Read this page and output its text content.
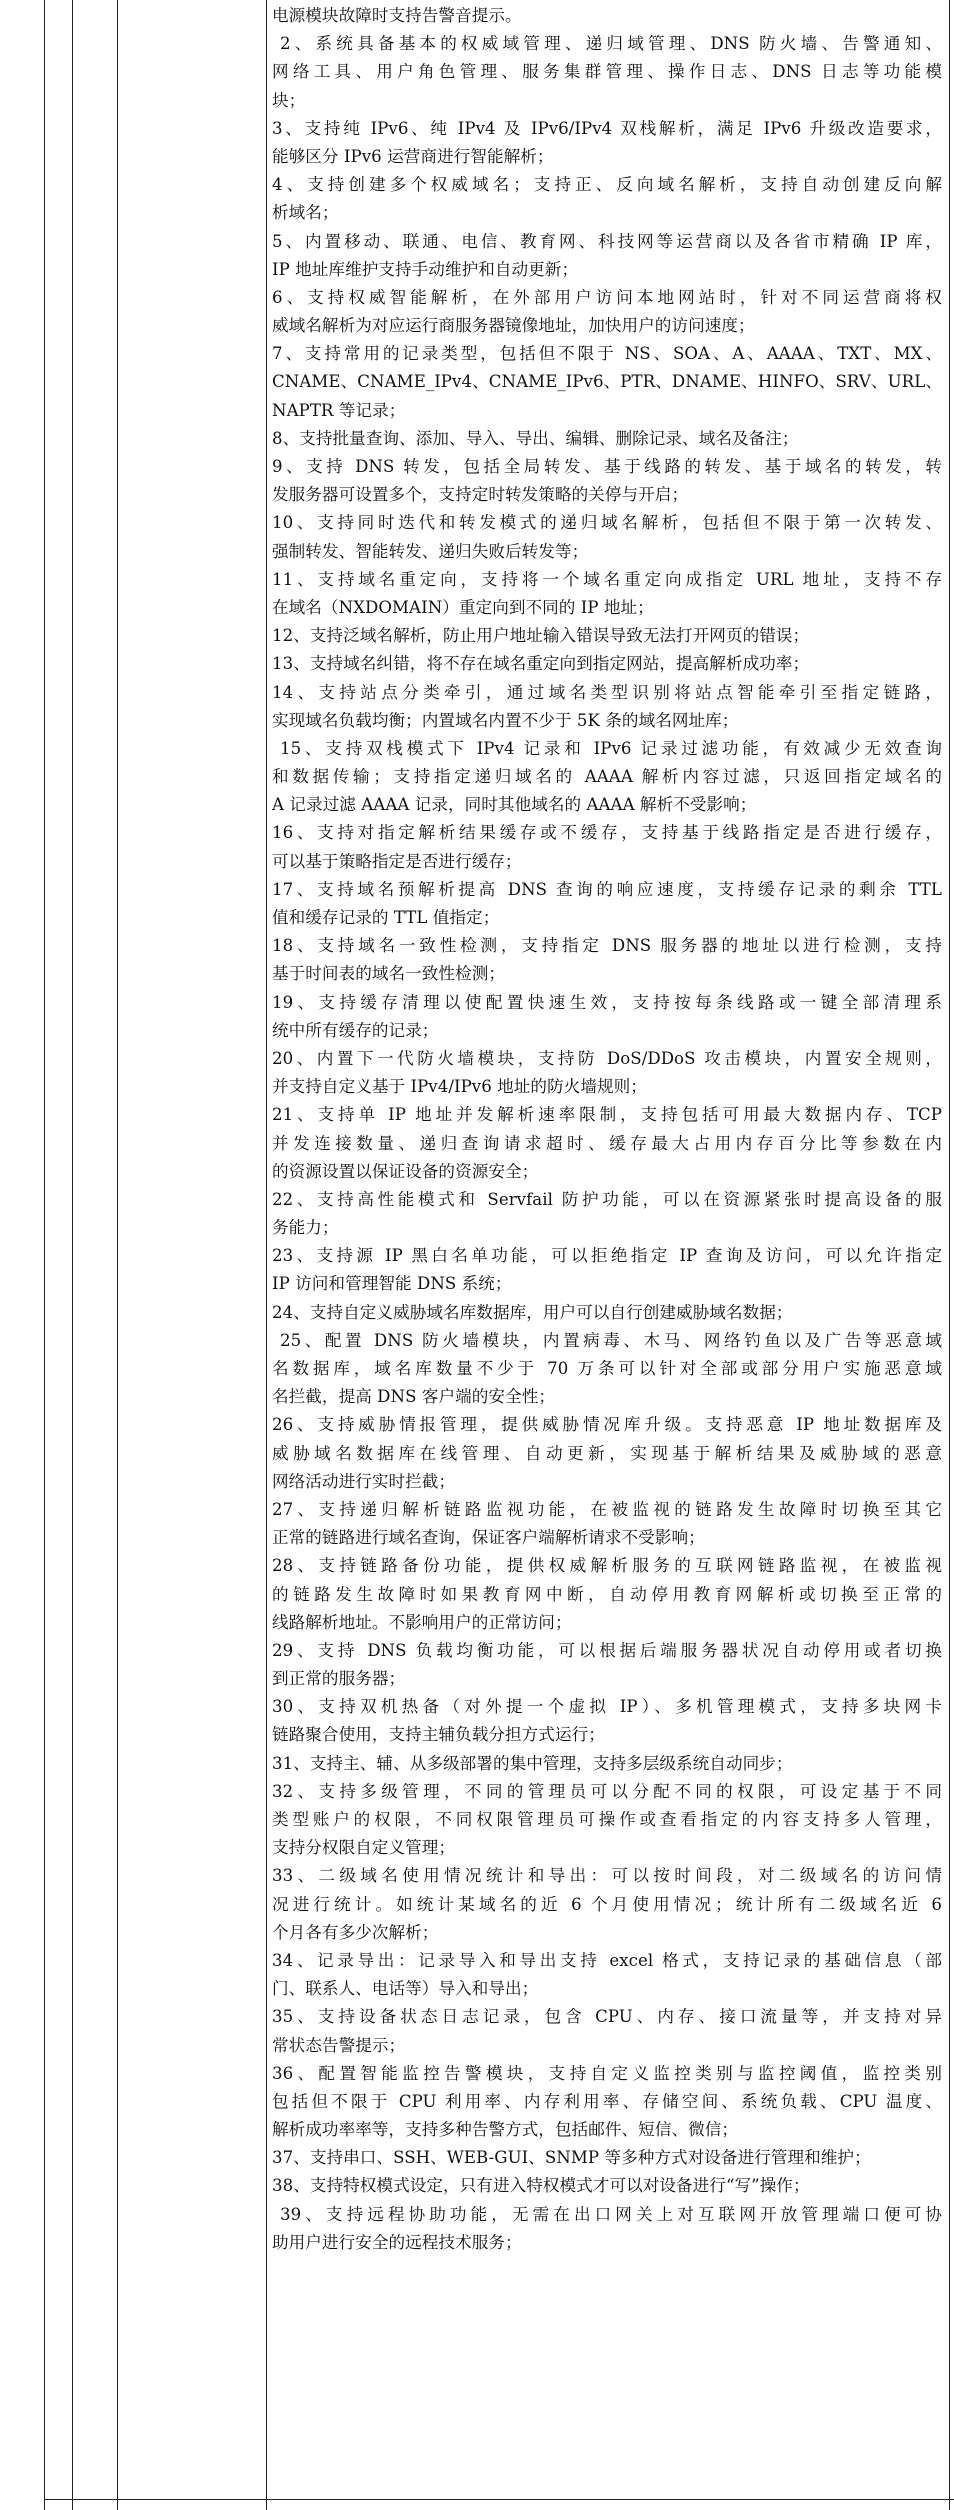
电源模块故障时支持告警音提示。
2、系统具备基本的权威域管理、递归域管理、DNS 防火墙、告警通知、
网络工具、用户角色管理、服务集群管理、操作日志、DNS 日志等功能模
块；
3、支持纯 IPv6、纯 IPv4 及 IPv6/IPv4 双栈解析，满足 IPv6 升级改造要求，
能够区分 IPv6 运营商进行智能解析；
4、支持创建多个权威域名；支持正、反向域名解析，支持自动创建反向解
析域名；
5、内置移动、联通、电信、教育网、科技网等运营商以及各省市精确 IP 库，
IP 地址库维护支持手动维护和自动更新；
6、支持权威智能解析，在外部用户访问本地网站时，针对不同运营商将权
威域名解析为对应运行商服务器镜像地址，加快用户的访问速度；
7、支持常用的记录类型，包括但不限于 NS、SOA、A、AAAA、TXT、MX、
CNAME、CNAME_IPv4、CNAME_IPv6、PTR、DNAME、HINFO、SRV、URL、
NAPTR 等记录；
8、支持批量查询、添加、导入、导出、编辑、删除记录、域名及备注；
9、支持 DNS 转发，包括全局转发、基于线路的转发、基于域名的转发，转
发服务器可设置多个，支持定时转发策略的关停与开启；
10、支持同时迭代和转发模式的递归域名解析，包括但不限于第一次转发、
强制转发、智能转发、递归失败后转发等；
11、支持域名重定向，支持将一个域名重定向成指定 URL 地址，支持不存
在域名（NXDOMAIN）重定向到不同的 IP 地址；
12、支持泛域名解析，防止用户地址输入错误导致无法打开网页的错误；
13、支持域名纠错，将不存在域名重定向到指定网站，提高解析成功率；
14、支持站点分类牵引，通过域名类型识别将站点智能牵引至指定链路，
实现域名负载均衡；内置域名内置不少于 5K 条的域名网址库；
15、支持双栈模式下 IPv4 记录和 IPv6 记录过滤功能，有效减少无效查询
和数据传输；支持指定递归域名的 AAAA 解析内容过滤，只返回指定域名的
A 记录过滤 AAAA 记录，同时其他域名的 AAAA 解析不受影响；
16、支持对指定解析结果缓存或不缓存，支持基于线路指定是否进行缓存，
可以基于策略指定是否进行缓存；
17、支持域名预解析提高 DNS 查询的响应速度，支持缓存记录的剩余 TTL
值和缓存记录的 TTL 值指定；
18、支持域名一致性检测，支持指定 DNS 服务器的地址以进行检测，支持
基于时间表的域名一致性检测；
19、支持缓存清理以使配置快速生效，支持按每条线路或一键全部清理系
统中所有缓存的记录；
20、内置下一代防火墙模块，支持防 DoS/DDoS 攻击模块，内置安全规则，
并支持自定义基于 IPv4/IPv6 地址的防火墙规则；
21、支持单 IP 地址并发解析速率限制，支持包括可用最大数据内存、TCP
并发连接数量、递归查询请求超时、缓存最大占用内存百分比等参数在内
的资源设置以保证设备的资源安全；
22、支持高性能模式和 Servfail 防护功能，可以在资源紧张时提高设备的服
务能力；
23、支持源 IP 黑白名单功能，可以拒绝指定 IP 查询及访问，可以允许指定
IP 访问和管理智能 DNS 系统；
24、支持自定义威胁域名库数据库，用户可以自行创建威胁域名数据；
25、配置 DNS 防火墙模块，内置病毒、木马、网络钓鱼以及广告等恶意域
名数据库，域名库数量不少于 70 万条可以针对全部或部分用户实施恶意域
名拦截，提高 DNS 客户端的安全性；
26、支持威胁情报管理，提供威胁情况库升级。支持恶意 IP 地址数据库及
威胁域名数据库在线管理、自动更新，实现基于解析结果及威胁域的恶意
网络活动进行实时拦截；
27、支持递归解析链路监视功能，在被监视的链路发生故障时切换至其它
正常的链路进行域名查询，保证客户端解析请求不受影响；
28、支持链路备份功能，提供权威解析服务的互联网链路监视，在被监视
的链路发生故障时如果教育网中断，自动停用教育网解析或切换至正常的
线路解析地址。不影响用户的正常访问；
29、支持 DNS 负载均衡功能，可以根据后端服务器状况自动停用或者切换
到正常的服务器；
30、支持双机热备（对外提一个虚拟 IP）、多机管理模式，支持多块网卡
链路聚合使用，支持主辅负载分担方式运行；
31、支持主、辅、从多级部署的集中管理，支持多层级系统自动同步；
32、支持多级管理，不同的管理员可以分配不同的权限，可设定基于不同
类型账户的权限，不同权限管理员可操作或查看指定的内容支持多人管理，
支持分权限自定义管理；
33、二级域名使用情况统计和导出：可以按时间段，对二级域名的访问情
况进行统计。如统计某域名的近 6 个月使用情况；统计所有二级域名近 6
个月各有多少次解析；
34、记录导出：记录导入和导出支持 excel 格式，支持记录的基础信息（部
门、联系人、电话等）导入和导出；
35、支持设备状态日志记录，包含 CPU、内存、接口流量等，并支持对异
常状态告警提示；
36、配置智能监控告警模块，支持自定义监控类别与监控阈值，监控类别
包括但不限于 CPU 利用率、内存利用率、存储空间、系统负载、CPU 温度、
解析成功率率等，支持多种告警方式，包括邮件、短信、微信；
37、支持串口、SSH、WEB-GUI、SNMP 等多种方式对设备进行管理和维护；
38、支持特权模式设定，只有进入特权模式才可以对设备进行“写”操作；
39、支持远程协助功能，无需在出口网关上对互联网开放管理端口便可协
助用户进行安全的远程技术服务；
